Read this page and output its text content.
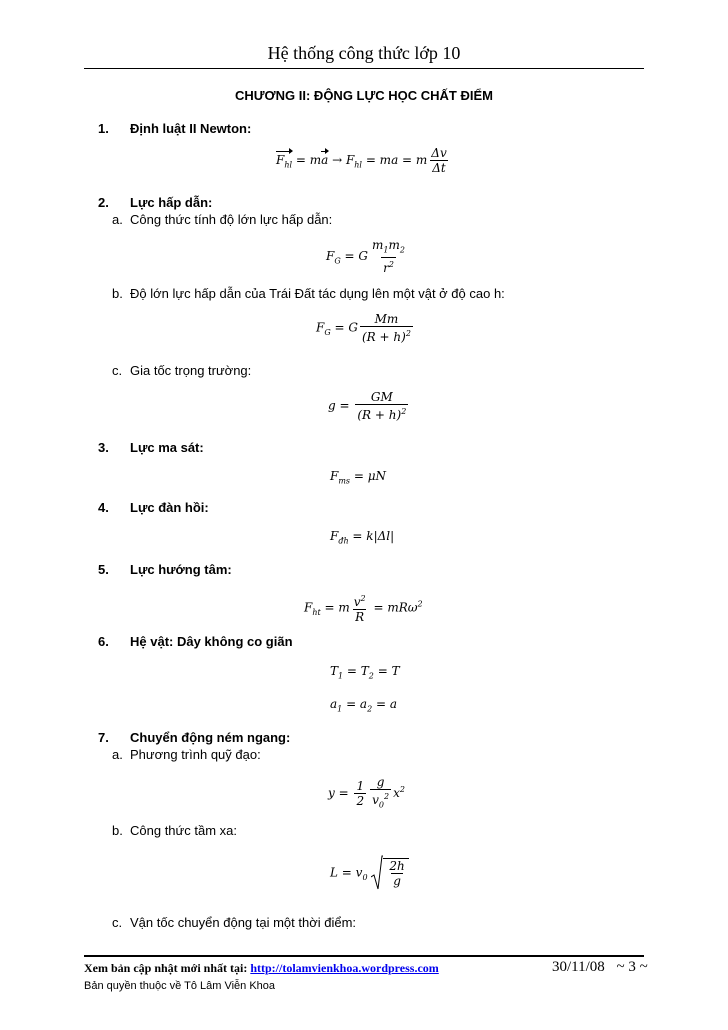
Hệ thống công thức lớp 10
CHƯƠNG II: ĐỘNG LỰC HỌC CHẤT ĐIỂM
1. Định luật II Newton:
$F_{hl}$ = ma → $F_{hl}$ = ma = m $\frac{\Delta v}{\Delta t}$
2. Lực hấp dẫn:
a. Công thức tính độ lớn lực hấp dẫn:
$F_G = G \frac{m_1m_2}{r^2}$
b. Độ lớn lực hấp dẫn của Trái Đất tác dụng lên một vật ở độ cao h:
$F_G = G \frac{Mm}{(R + h)^2}$
c. Gia tốc trọng trường:
$g = \frac{GM}{(R + h)^2}$
3. Lực ma sát:
$F_{ms} = \mu N$
4. Lực đàn hồi:
$F_{đh} = k|\Delta l|$
5. Lực hướng tâm:
$F_{ht} = m \frac{v^2}{R} = mR\omega^2$
6. Hệ vật: Dây không co giãn
$T_1 = T_2 = T$
$a_1 = a_2 = a$
7. Chuyển động ném ngang:
a. Phương trình quỹ đạo:
$y = \frac{1}{2} \frac{g}{v_0^2} x^2$
b. Công thức tầm xa:
$L = v_0 \frac{2h}{g}$
c. Vận tốc chuyển động tại một thời điểm:
Xem bản cập nhật mới nhất tại: http://tolamvienkhoa.wordpress.com	30/11/08 ~ 3 ~
Bản quyền thuộc về Tô Lâm Viễn Khoa
